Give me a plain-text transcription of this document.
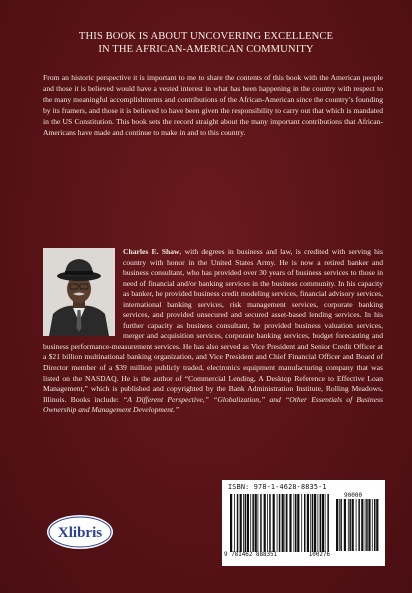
THIS BOOK IS ABOUT UNCOVERING EXCELLENCE
IN THE AFRICAN-AMERICAN COMMUNITY
From an historic perspective it is important to me to share the contents of this book with the American people and those it is believed would have a vested interest in what has been happening in the country with respect to the many meaningful accomplishments and contributions of the African-American since the country’s founding by its framers, and those it is believed to have been given the responsibility to carry out that which is mandated in the US Constitution. This book sets the record straight about the many important contributions that African-Americans have made and continue to make in and to this country.
Charles E. Shaw, with degrees in business and law, is credited with serving his country with honor in the United States Army. He is now a retired banker and business consultant, who has provided over 30 years of business services to those in need of financial and/or banking services in the business community. In his capacity as banker, he provided business credit modeling services, financial advisory services, international banking services, risk management services, corporate banking services, and provided unsecured and secured asset-based lending services. In his further capacity as business consultant, he provided business valuation services, merger and acquisition services, corporate banking services, budget forecasting and business performance-measurement services. He has also served as Vice President and Senior Credit Officer at a $21 billion multinational banking organization, and Vice President and Chief Financial Officer and Board of Director member of a $39 million publicly traded, electronics equipment manufacturing company that was listed on the NASDAQ. He is the author of “Commercial Lending, A Desktop Reference to Effective Loan Management,” which is published and copyrighted by the Bank Administration Institute, Rolling Meadows, Illinois. Books include: “A Different Perspective,” “Globalization,” and “Other Essentials of Business Ownership and Management Development.”
Xlibris
ISBN: 978-1-4628-8835-1
90000
9 781462 888351	100276
